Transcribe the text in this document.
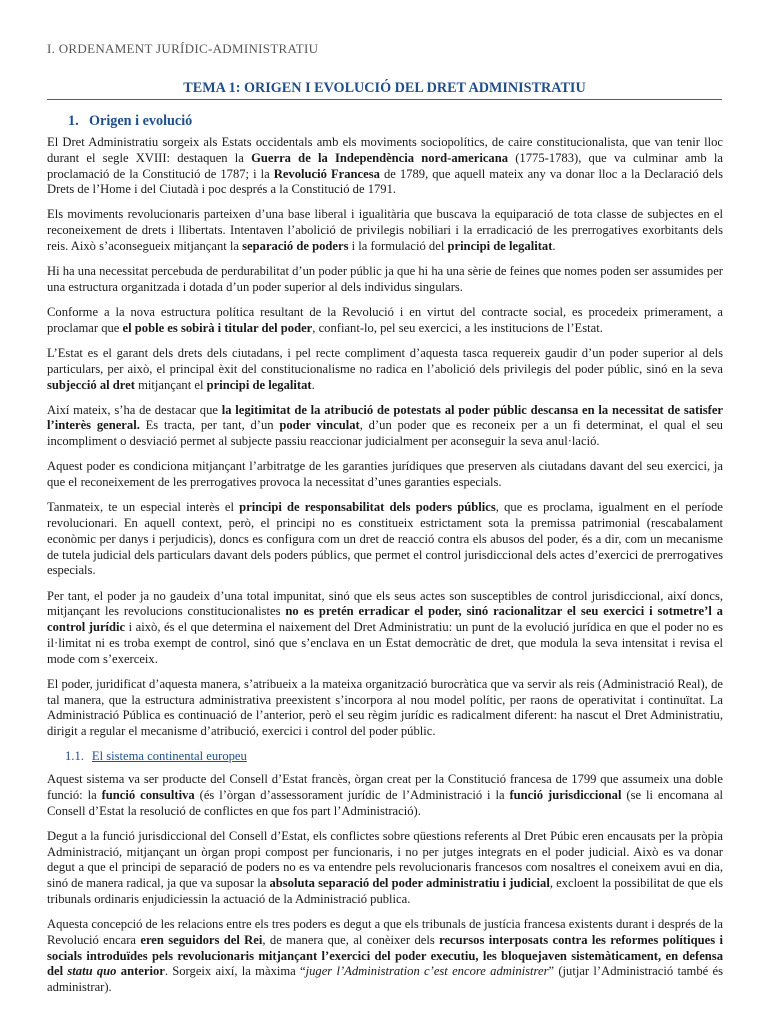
I. ORDENAMENT JURÍDIC-ADMINISTRATIU
TEMA 1: ORIGEN I EVOLUCIÓ DEL DRET ADMINISTRATIU
1. Origen i evolució

El Dret Administratiu sorgeix als Estats occidentals amb els moviments sociopolítics, de caire constitucionalista, que van tenir lloc durant el segle XVIII: destaquen la Guerra de la Independència nord-americana (1775-1783), que va culminar amb la proclamació de la Constitució de 1787; i la Revolució Francesa de 1789, que aquell mateix any va donar lloc a la Declaració dels Drets de l’Home i del Ciutadà i poc després a la Constitució de 1791.

Els moviments revolucionaris parteixen d’una base liberal i igualitària que buscava la equiparació de tota classe de subjectes en el reconeixement de drets i llibertats. Intentaven l’abolició de privilegis nobiliari i la erradicació de les prerrogatives exorbitants dels reis. Això s’aconsegueix mitjançant la separació de poders i la formulació del principi de legalitat.

Hi ha una necessitat percebuda de perdurabilitat d’un poder públic ja que hi ha una sèrie de feines que nomes poden ser assumides per una estructura organitzada i dotada d’un poder superior al dels individus singulars.

Conforme a la nova estructura política resultant de la Revolució i en virtut del contracte social, es procedeix primerament, a proclamar que el poble es sobirà i titular del poder, confiant-lo, pel seu exercici, a les institucions de l’Estat.

L’Estat es el garant dels drets dels ciutadans, i pel recte compliment d’aquesta tasca requereix gaudir d’un poder superior al dels particulars, per això, el principal èxit del constitucionalisme no radica en l’abolició dels privilegis del poder públic, sinó en la seva subjecció al dret mitjançant el principi de legalitat.

Així mateix, s’ha de destacar que la legitimitat de la atribució de potestats al poder públic descansa en la necessitat de satisfer l’interès general. Es tracta, per tant, d’un poder vinculat, d’un poder que es reconeix per a un fi determinat, el qual el seu incompliment o desviació permet al subjecte passiu reaccionar judicialment per aconseguir la seva anul·lació.

Aquest poder es condiciona mitjançant l’arbitratge de les garanties jurídiques que preserven als ciutadans davant del seu exercici, ja que el reconeixement de les prerrogatives provoca la necessitat d’unes garanties especials.

Tanmateix, te un especial interès el principi de responsabilitat dels poders públics, que es proclama, igualment en el període revolucionari. En aquell context, però, el principi no es constitueix estrictament sota la premissa patrimonial (rescabalament econòmic per danys i perjudicis), doncs es configura com un dret de reacció contra els abusos del poder, és a dir, com un mecanisme de tutela judicial dels particulars davant dels poders públics, que permet el control jurisdiccional dels actes d’exercici de prerrogatives especials.

Per tant, el poder ja no gaudeix d’una total impunitat, sinó que els seus actes son susceptibles de control jurisdiccional, així doncs, mitjançant les revolucions constitucionalistes no es pretén erradicar el poder, sinó racionalitzar el seu exercici i sotmetre’l a control jurídic i això, és el que determina el naixement del Dret Administratiu: un punt de la evolució jurídica en que el poder no es il·limitat ni es troba exempt de control, sinó que s’enclava en un Estat democràtic de dret, que modula la seva intensitat i revisa el mode com s’exerceix.

El poder, juridificat d’aquesta manera, s’atribueix a la mateixa organització burocràtica que va servir als reis (Administració Real), de tal manera, que la estructura administrativa preexistent s’incorpora al nou model polític, per raons de operativitat i continuïtat. La Administració Pública es continuació de l’anterior, però el seu règim jurídic es radicalment diferent: ha nascut el Dret Administratiu, dirigit a regular el mecanisme d’atribució, exercici i control del poder públic.

1.1. El sistema continental europeu

Aquest sistema va ser producte del Consell d’Estat francès, òrgan creat per la Constitució francesa de 1799 que assumeix una doble funció: la funció consultiva (és l’òrgan d’assessorament jurídic de l’Administració i la funció jurisdiccional (se li encomana al Consell d’Estat la resolució de conflictes en que fos part l’Administració).

Degut a la funció jurisdiccional del Consell d’Estat, els conflictes sobre qüestions referents al Dret Púbic eren encausats per la pròpia Administració, mitjançant un òrgan propi compost per funcionaris, i no per jutges integrats en el poder judicial. Això es va donar degut a que el principi de separació de poders no es va entendre pels revolucionaris francesos com nosaltres el coneixem avui en dia, sinó de manera radical, ja que va suposar la absoluta separació del poder administratiu i judicial, excloent la possibilitat de que els tribunals ordinaris enjudiciessin la actuació de la Administració publica.

Aquesta concepció de les relacions entre els tres poders es degut a que els tribunals de justícia francesa existents durant i després de la Revolució encara eren seguidors del Rei, de manera que, al conèixer dels recursos interposats contra les reformes polítiques i socials introduïdes pels revolucionaris mitjançant l’exercici del poder executiu, les bloquejaven sistemàticament, en defensa del statu quo anterior. Sorgeix així, la màxima “juger l’Administration c’est encore administrer” (jutjar l’Administració també és administrar).
